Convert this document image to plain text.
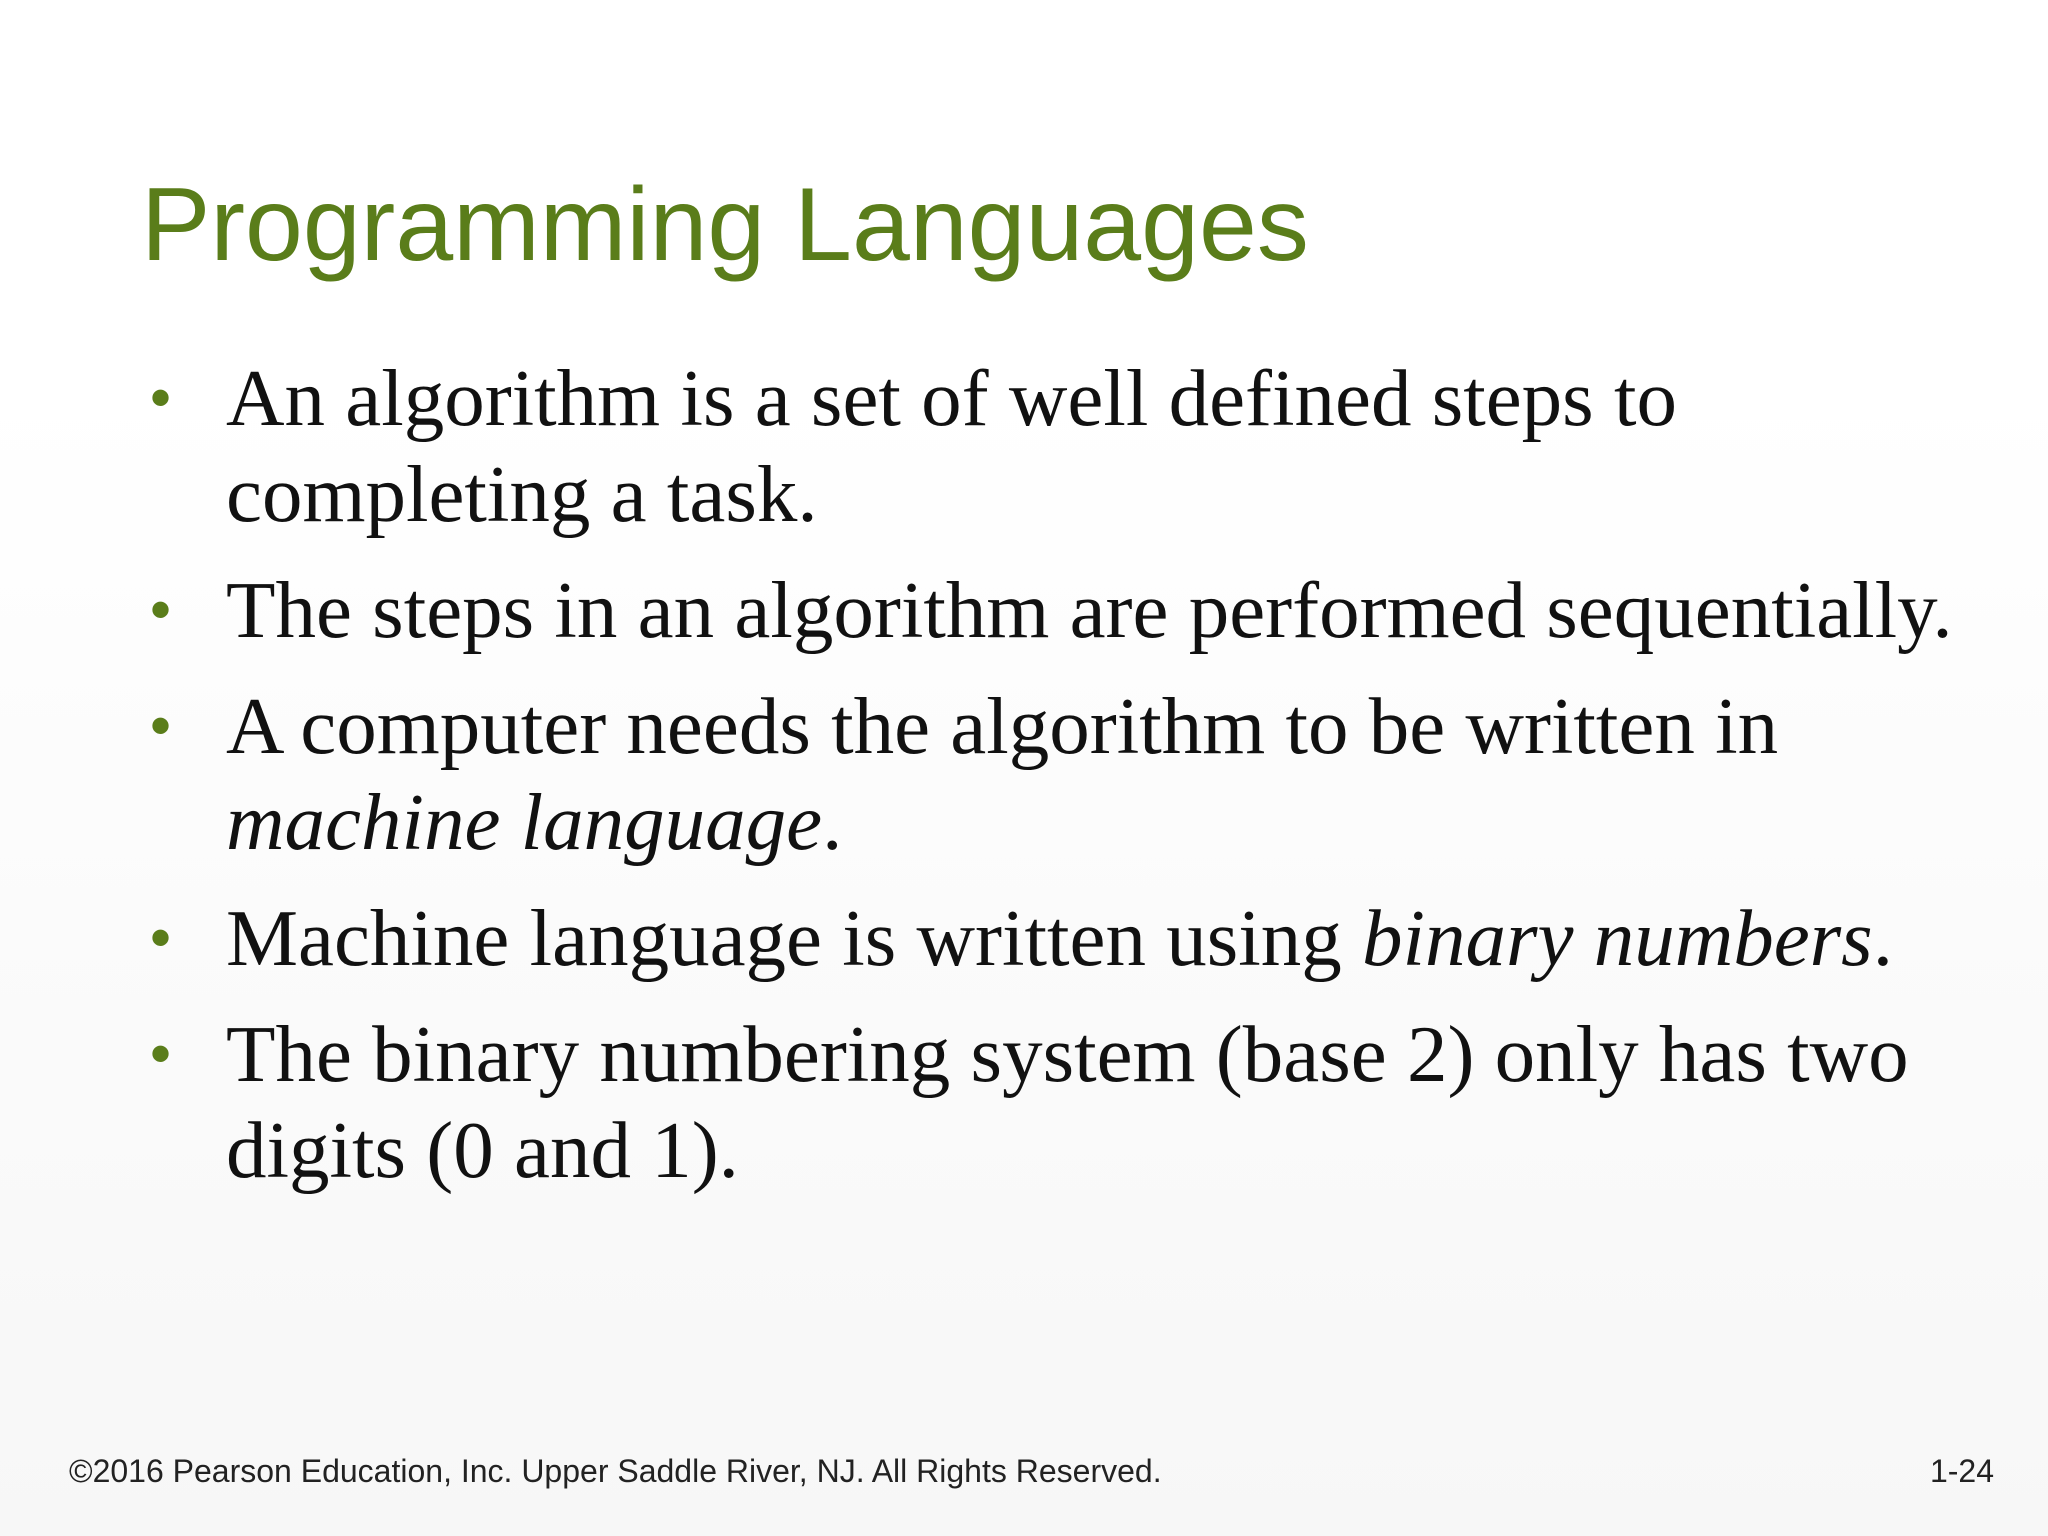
Programming Languages
• An algorithm is a set of well defined steps to completing a task.
• The steps in an algorithm are performed sequentially.
• A computer needs the algorithm to be written in machine language.
• Machine language is written using binary numbers.
• The binary numbering system (base 2) only has two digits (0 and 1).
©2016 Pearson Education, Inc. Upper Saddle River, NJ. All Rights Reserved.	1-24
